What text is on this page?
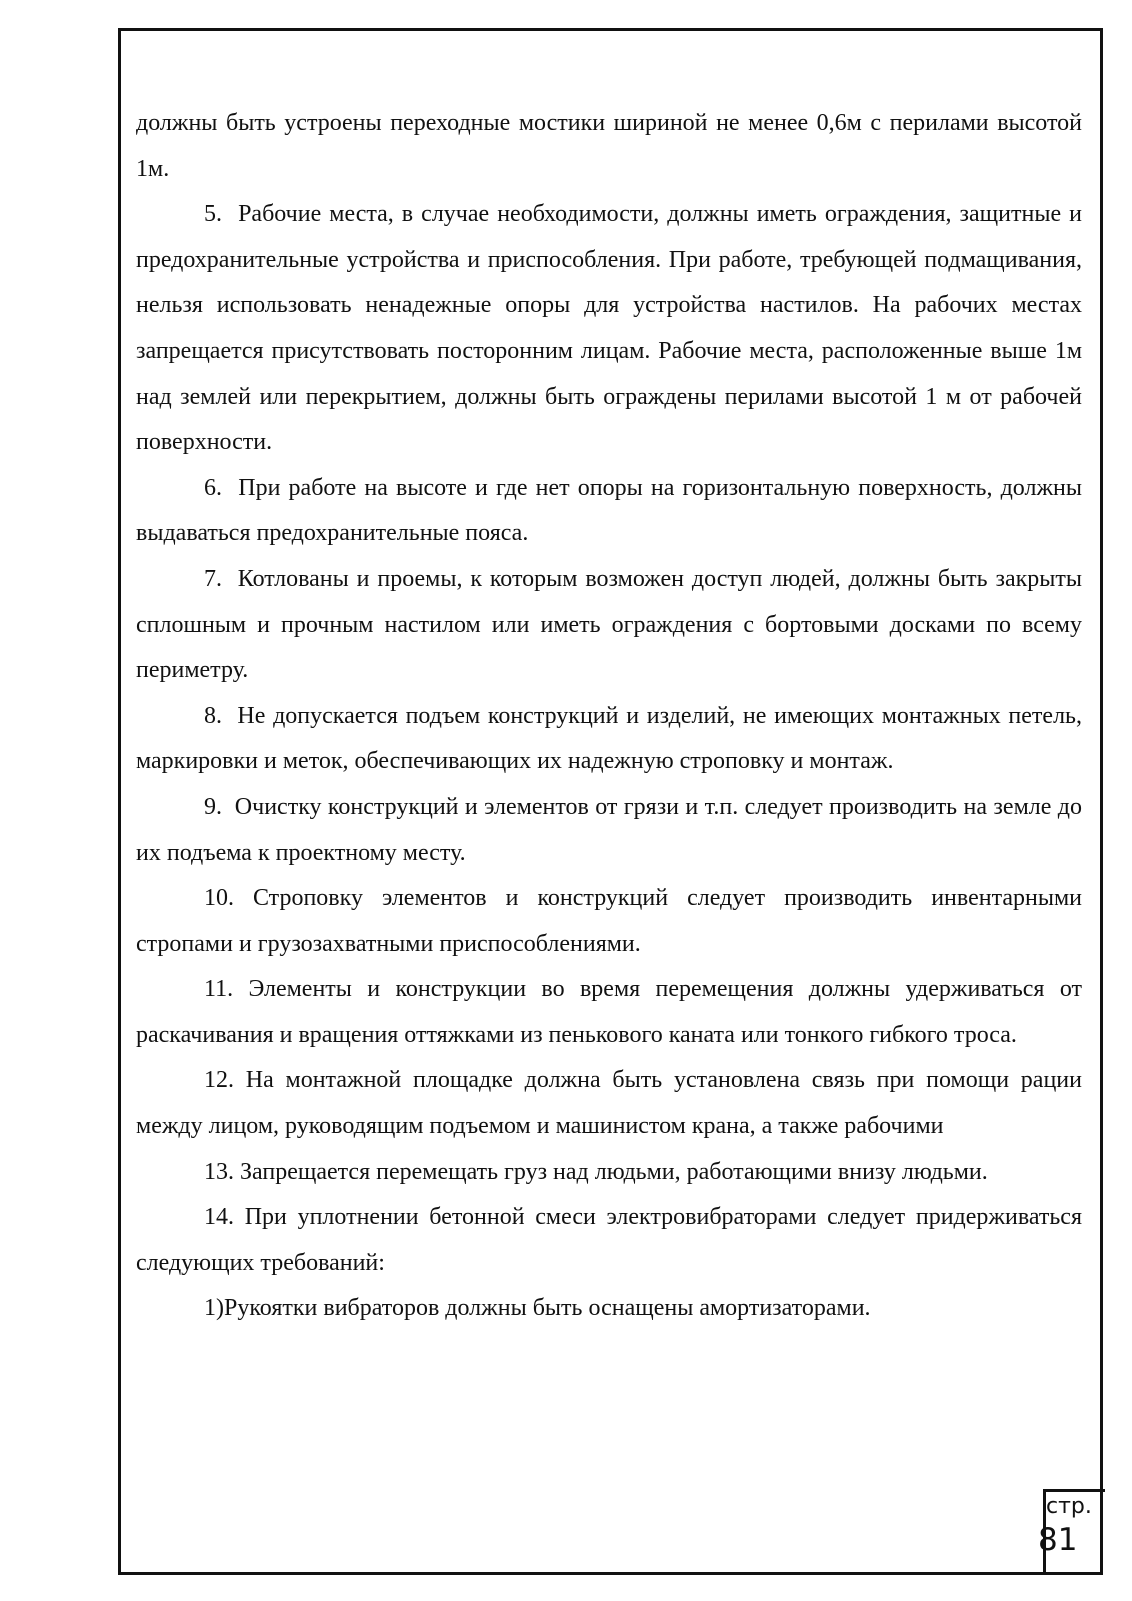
должны быть устроены переходные мостики шириной не менее 0,6м с перилами высотой 1м.

5.  Рабочие места, в случае необходимости, должны иметь ограждения, защитные и предохранительные устройства и приспособления. При работе, требующей подмащивания, нельзя использовать ненадежные опоры для устройства настилов. На рабочих местах запрещается присутствовать посторонним лицам. Рабочие места, расположенные выше 1м над землей или перекрытием, должны быть ограждены перилами высотой 1 м от рабочей поверхности.

6.  При работе на высоте и где нет опоры на горизонтальную поверхность, должны выдаваться предохранительные пояса.

7.  Котлованы и проемы, к которым возможен доступ людей, должны быть закрыты сплошным и прочным настилом или иметь ограждения с бортовыми досками по всему периметру.

8.  Не допускается подъем конструкций и изделий, не имеющих монтажных петель, маркировки и меток, обеспечивающих их надежную строповку и монтаж.

9.  Очистку конструкций и элементов от грязи и т.п. следует производить на земле до их подъема к проектному месту.

10. Строповку элементов и конструкций следует производить инвентарными стропами и грузозахватными приспособлениями.

11. Элементы и конструкции во время перемещения должны удерживаться от раскачивания и вращения оттяжками из пенькового каната или тонкого гибкого троса.

12. На монтажной площадке должна быть установлена связь при помощи рации между лицом, руководящим подъемом и машинистом крана, а также рабочими

13. Запрещается перемещать груз над людьми, работающими внизу людьми.

14. При уплотнении бетонной смеси электровибраторами следует придерживаться следующих требований:

1)Рукоятки вибраторов должны быть оснащены амортизаторами.

стр.
81
